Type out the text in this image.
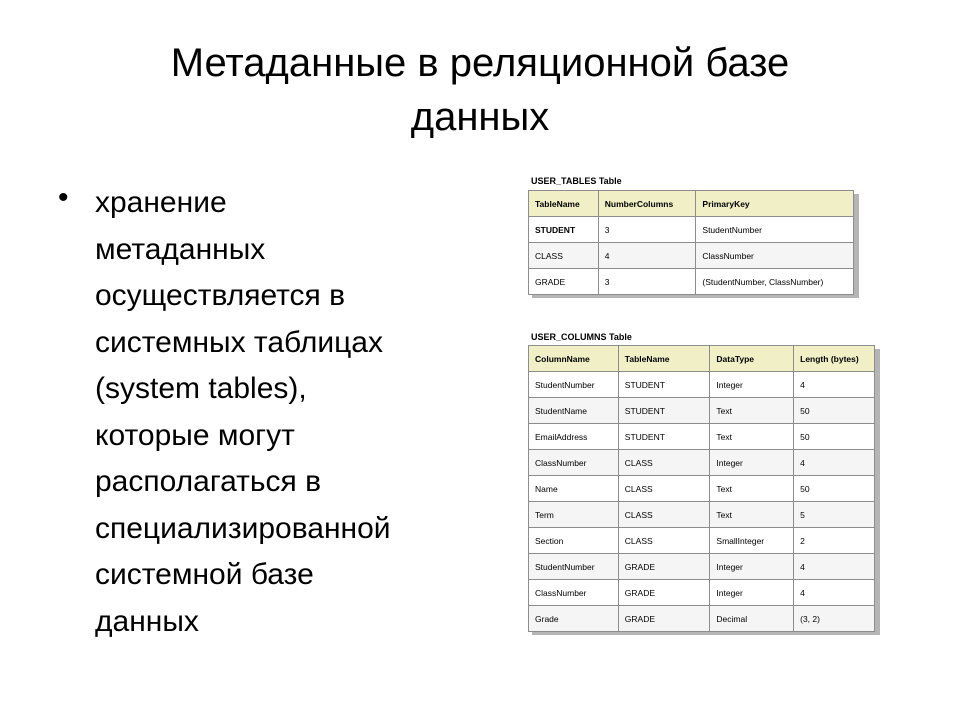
Метаданные в реляционной базе
данных
• хранение
метаданных
осуществляется в
системных таблицах
(system tables),
которые могут
располагаться в
специализированной
системной базе
данных
USER_TABLES Table
TableName	NumberColumns	PrimaryKey
STUDENT	3	StudentNumber
CLASS	4	ClassNumber
GRADE	3	(StudentNumber, ClassNumber)
USER_COLUMNS Table
ColumnName	TableName	DataType	Length (bytes)
StudentNumber	STUDENT	Integer	4
StudentName	STUDENT	Text	50
EmailAddress	STUDENT	Text	50
ClassNumber	CLASS	Integer	4
Name	CLASS	Text	50
Term	CLASS	Text	5
Section	CLASS	SmallInteger	2
StudentNumber	GRADE	Integer	4
ClassNumber	GRADE	Integer	4
Grade	GRADE	Decimal	(3, 2)
